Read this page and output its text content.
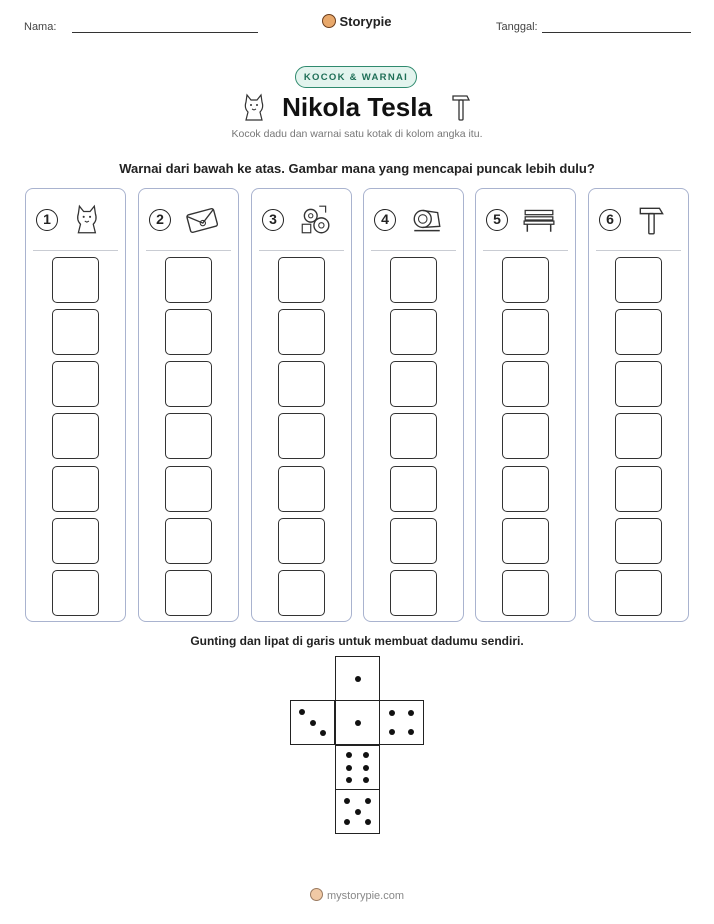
Nama:	Storypie	Tanggal:
KOCOK & WARNAI
Nikola Tesla
Kocok dadu dan warnai satu kotak di kolom angka itu.
Warnai dari bawah ke atas. Gambar mana yang mencapai puncak lebih dulu?
1	2	3	4	5	6
Gunting dan lipat di garis untuk membuat dadumu sendiri.
mystorypie.com
